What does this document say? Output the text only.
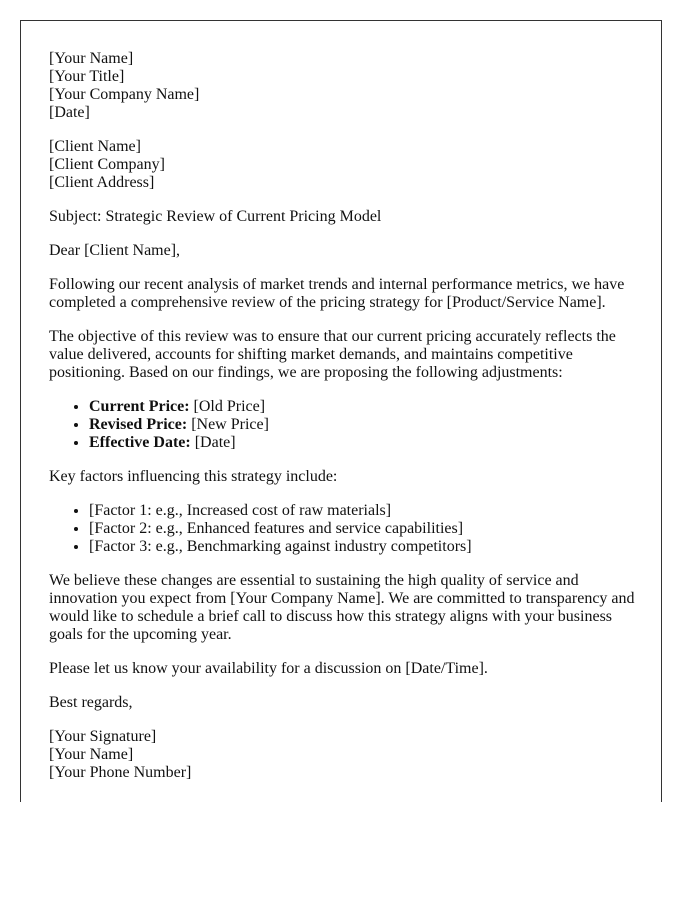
[Your Name]
[Your Title]
[Your Company Name]
[Date]
[Client Name]
[Client Company]
[Client Address]

Subject: Strategic Review of Current Pricing Model

Dear [Client Name],

Following our recent analysis of market trends and internal performance metrics, we have completed a comprehensive review of the pricing strategy for [Product/Service Name].

The objective of this review was to ensure that our current pricing accurately reflects the value delivered, accounts for shifting market demands, and maintains competitive positioning. Based on our findings, we are proposing the following adjustments:

• Current Price: [Old Price]
• Revised Price: [New Price]
• Effective Date: [Date]

Key factors influencing this strategy include:

• [Factor 1: e.g., Increased cost of raw materials]
• [Factor 2: e.g., Enhanced features and service capabilities]
• [Factor 3: e.g., Benchmarking against industry competitors]

We believe these changes are essential to sustaining the high quality of service and innovation you expect from [Your Company Name]. We are committed to transparency and would like to schedule a brief call to discuss how this strategy aligns with your business goals for the upcoming year.

Please let us know your availability for a discussion on [Date/Time].

Best regards,

[Your Signature]
[Your Name]
[Your Phone Number]
